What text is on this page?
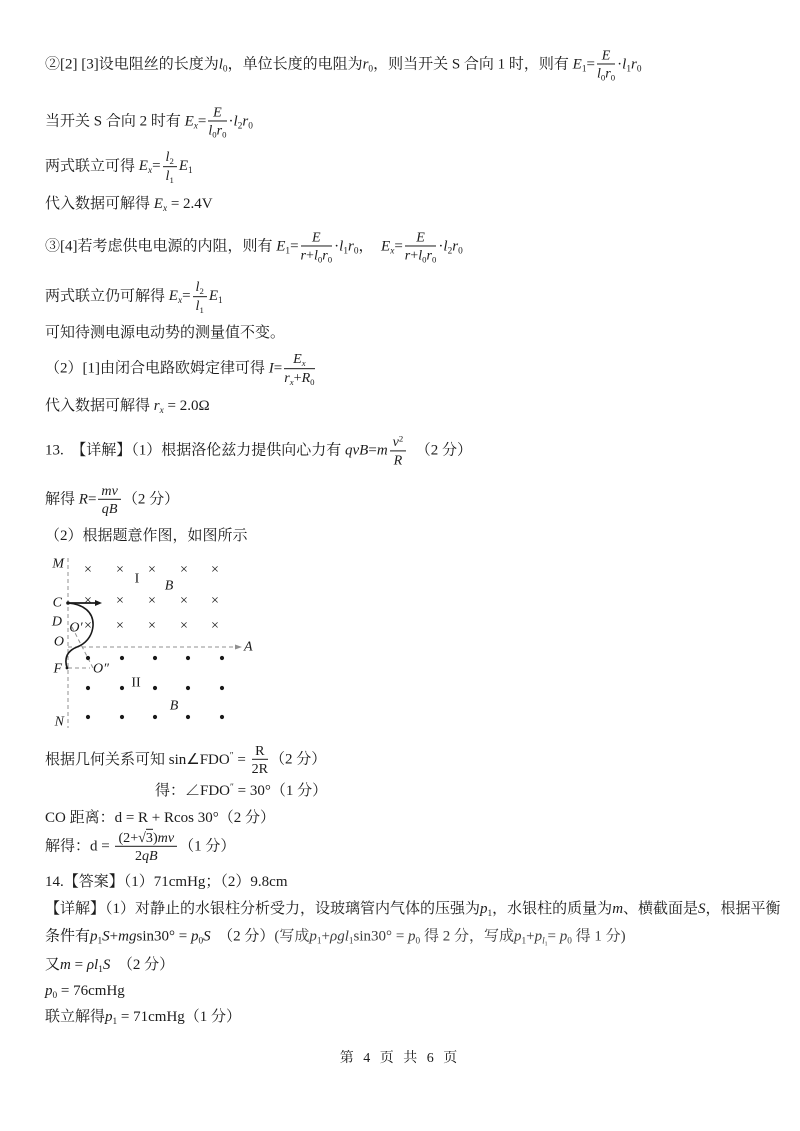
②[2] [3]设电阻丝的长度为l0，单位长度的电阻为r0，则当开关 S 合向 1 时，则有 $E1= \frac{E}{l0r0} \cdot l1r0$
当开关 S 合向 2 时有 $Ex= \frac{E}{l0r0} \cdot l2r0$
两式联立可得 $Ex= \frac{l2}{l1} E1$
代入数据可解得 Ex = 2.4V
③[4]若考虑供电电源的内阻，则有 $E1= \frac{E}{r+l0r0} \cdot l1r0$，　$Ex= \frac{E}{r+l0r0} \cdot l2r0$
两式联立仍可解得 $Ex= \frac{l2}{l1} E1$
可知待测电源电动势的测量值不变。
（2）[1]由闭合电路欧姆定律可得 $I= \frac{Ex}{rx+R0}$
代入数据可解得 rx = 2.0Ω
13.　【详解】（1）根据洛伦兹力提供向心力有 $qvB=m \frac{v^2}{R}$ 　（2 分）
解得 $R= \frac{mv}{qB} (2$ 分）
（2）根据题意作图，如图所示
根据几何关系可知 sin∠FDO″ = $\frac{R}{2R} (2$ 分）
得：∠FDO″ = 30°（1 分）
CO 距离：d = R + Rcos 30°（2 分）
解得：$d = \frac{(2+√3)mv}{2qB} (1$ 分）
14.【答案】（1）71cmHg；（2）9.8cm
【详解】（1）对静止的水银柱分析受力，设玻璃管内气体的压强为p1，水银柱的质量为m、横截面是S，根据平衡
条件有p1S+mgsin30° = p0S　（2 分）(写成p1+ρgl1sin30° = p0 得 2 分，写成p1+pl1= p0 得 1 分)
又m = ρl1S　（2 分）
p0 = 76cmHg
联立解得p1 = 71cmHg（1 分）
× × × × ×
× × × × ×
× × × × ×
M
C
D
O
F
N
A
O′
O″
I B
II
B
第 4 页 共 6 页
